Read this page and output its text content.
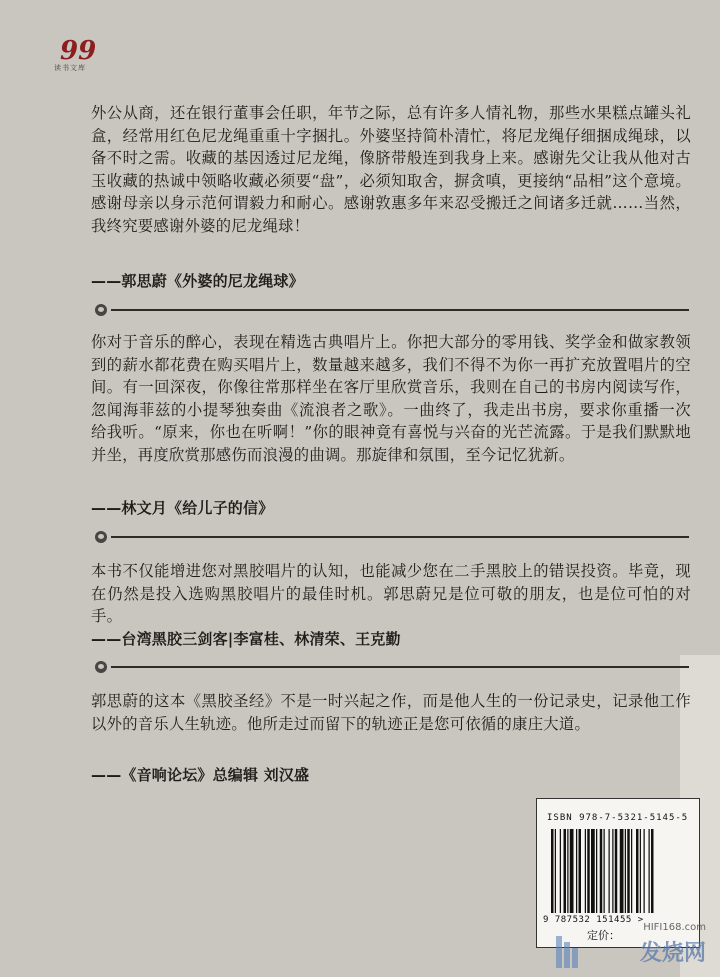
99
读书文库

外公从商，还在银行董事会任职，年节之际，总有许多人情礼物，那些水果糕点罐头礼盒，经常用红色尼龙绳重重十字捆扎。外婆坚持简朴清忙，将尼龙绳仔细捆成绳球，以备不时之需。收藏的基因透过尼龙绳，像脐带般连到我身上来。感谢先父让我从他对古玉收藏的热诚中领略收藏必须要“盘”，必须知取舍，摒贪嗔，更接纳“品相”这个意境。感谢母亲以身示范何谓毅力和耐心。感谢敦惠多年来忍受搬迁之间诸多迁就……当然，我终究要感谢外婆的尼龙绳球！

——郭思蔚《外婆的尼龙绳球》

你对于音乐的醉心，表现在精选古典唱片上。你把大部分的零用钱、奖学金和做家教领到的薪水都花费在购买唱片上，数量越来越多，我们不得不为你一再扩充放置唱片的空间。有一回深夜，你像往常那样坐在客厅里欣赏音乐，我则在自己的书房内阅读写作，忽闻海菲兹的小提琴独奏曲《流浪者之歌》。一曲终了，我走出书房，要求你重播一次给我听。“原来，你也在听啊！”你的眼神竟有喜悦与兴奋的光芒流露。于是我们默默地并坐，再度欣赏那感伤而浪漫的曲调。那旋律和氛围，至今记忆犹新。

——林文月《给儿子的信》

本书不仅能增进您对黑胶唱片的认知，也能减少您在二手黑胶上的错误投资。毕竟，现在仍然是投入选购黑胶唱片的最佳时机。郭思蔚兄是位可敬的朋友，也是位可怕的对手。

——台湾黑胶三剑客|李富桂、林清荣、王克勤

郭思蔚的这本《黑胶圣经》不是一时兴起之作，而是他人生的一份记录史，记录他工作以外的音乐人生轨迹。他所走过而留下的轨迹正是您可依循的康庄大道。

——《音响论坛》总编辑 刘汉盛
ISBN 978-7-5321-5145-5
9 787532 151455 >
定价：
HIFI168.com
发烧网
